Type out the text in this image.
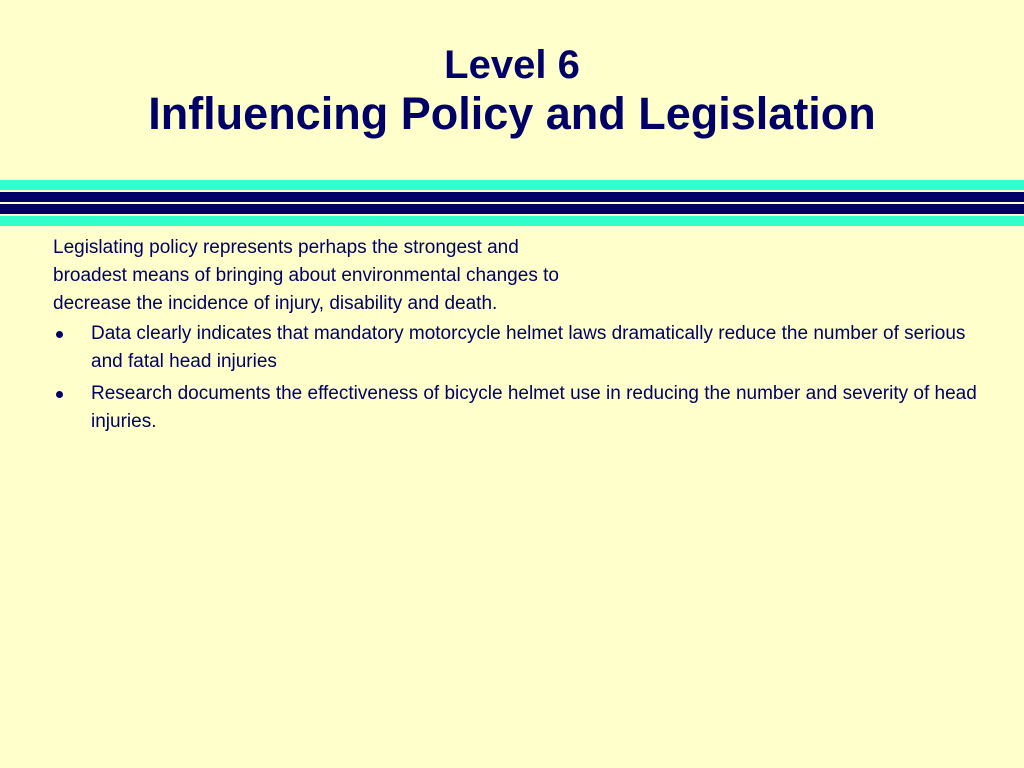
Level 6
Influencing Policy and Legislation

Legislating policy represents perhaps the strongest and broadest means of bringing about environmental changes to decrease the incidence of injury, disability and death.

Data clearly indicates that mandatory motorcycle helmet laws dramatically reduce the number of serious and fatal head injuries
Research documents the effectiveness of bicycle helmet use in reducing the number and severity of head injuries.
